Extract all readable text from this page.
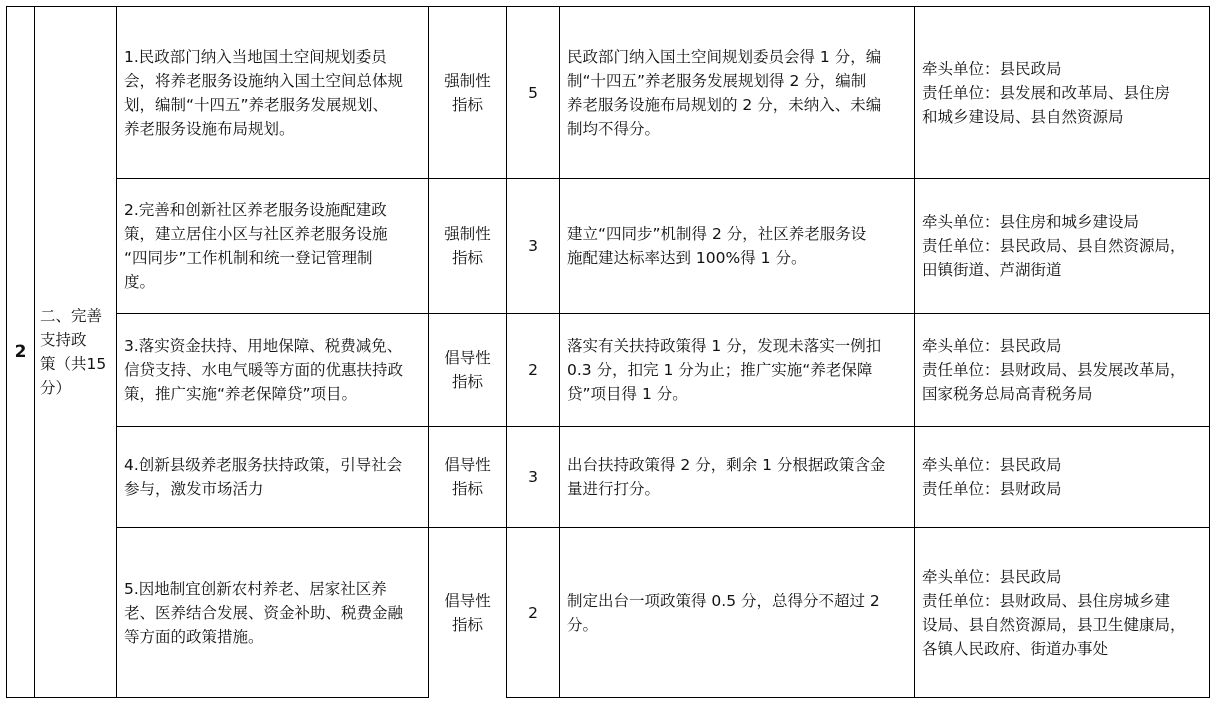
2
二、完善
支持政
策（共15
分）
1.民政部门纳入当地国土空间规划委员
会，将养老服务设施纳入国土空间总体规
划，编制“十四五”养老服务发展规划、
养老服务设施布局规划。
强制性
指标
5
民政部门纳入国土空间规划委员会得 1 分，编
制“十四五”养老服务发展规划得 2 分，编制
养老服务设施布局规划的 2 分，未纳入、未编
制均不得分。
牵头单位：县民政局
责任单位：县发展和改革局、县住房
和城乡建设局、县自然资源局
2.完善和创新社区养老服务设施配建政
策，建立居住小区与社区养老服务设施
“四同步”工作机制和统一登记管理制
度。
强制性
指标
3
建立“四同步”机制得 2 分，社区养老服务设
施配建达标率达到 100%得 1 分。
牵头单位：县住房和城乡建设局
责任单位：县民政局、县自然资源局，
田镇街道、芦湖街道
3.落实资金扶持、用地保障、税费减免、
信贷支持、水电气暖等方面的优惠扶持政
策，推广实施“养老保障贷”项目。
倡导性
指标
2
落实有关扶持政策得 1 分，发现未落实一例扣
0.3 分，扣完 1 分为止；推广实施“养老保障
贷”项目得 1 分。
牵头单位：县民政局
责任单位：县财政局、县发展改革局，
国家税务总局高青税务局
4.创新县级养老服务扶持政策，引导社会
参与，激发市场活力
倡导性
指标
3
出台扶持政策得 2 分，剩余 1 分根据政策含金
量进行打分。
牵头单位：县民政局
责任单位：县财政局
5.因地制宜创新农村养老、居家社区养
老、医养结合发展、资金补助、税费金融
等方面的政策措施。
倡导性
指标
2
制定出台一项政策得 0.5 分，总得分不超过 2
分。
牵头单位：县民政局
责任单位：县财政局、县住房城乡建
设局、县自然资源局，县卫生健康局，
各镇人民政府、街道办事处
